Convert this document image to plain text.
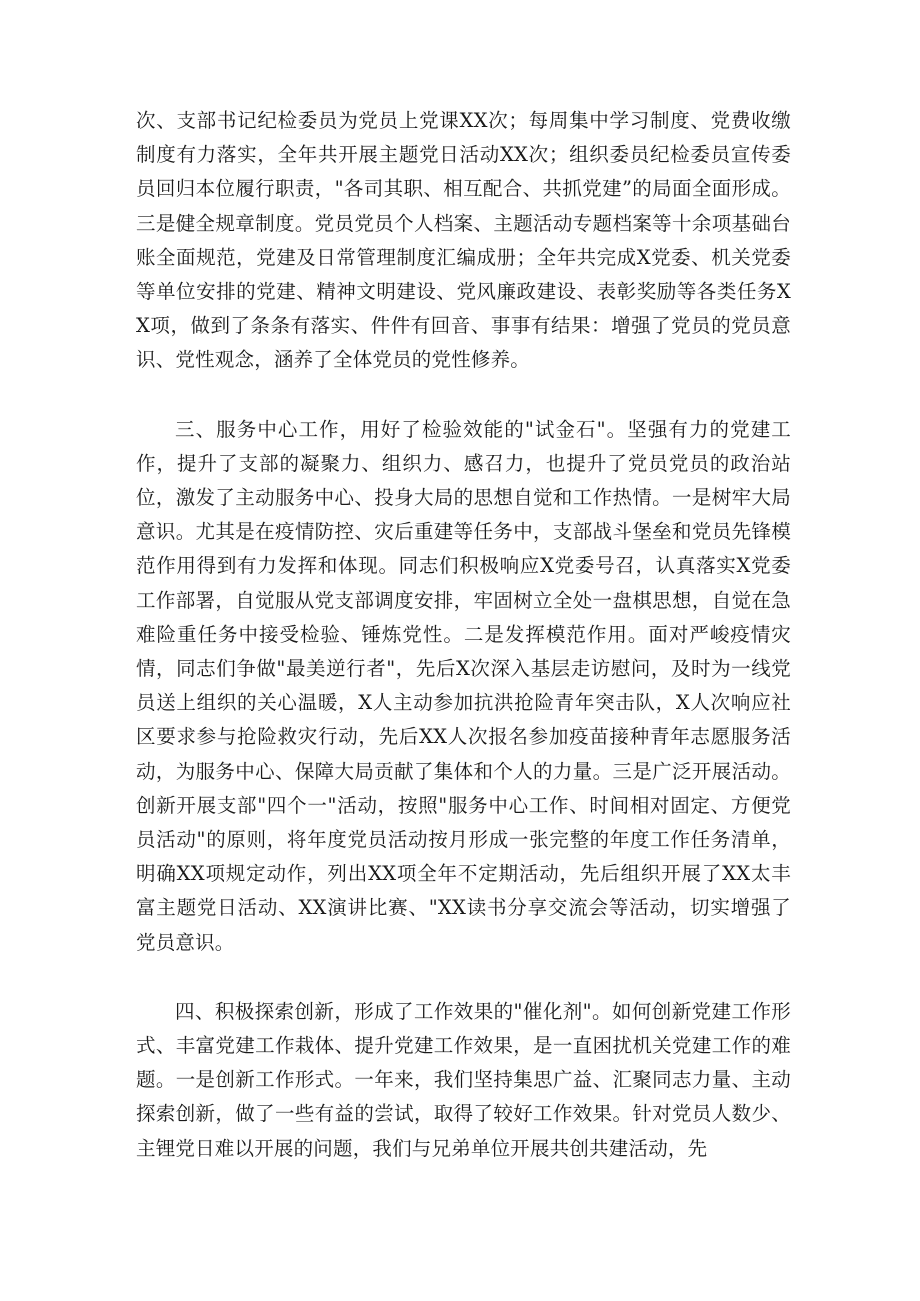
次、支部书记纪检委员为党员上党课XX次；每周集中学习制度、党费收缴制度有力落实，全年共开展主题党日活动XX次；组织委员纪检委员宣传委员回归本位履行职责，"各司其职、相互配合、共抓党建”的局面全面形成。三是健全规章制度。党员党员个人档案、主题活动专题档案等十余项基础台账全面规范，党建及日常管理制度汇编成册；全年共完成X党委、机关党委等单位安排的党建、精神文明建设、党风廉政建设、表彰奖励等各类任务XX项，做到了条条有落实、件件有回音、事事有结果：增强了党员的党员意识、党性观念，涵养了全体党员的党性修养。

三、服务中心工作，用好了检验效能的"试金石"。坚强有力的党建工作，提升了支部的凝聚力、组织力、感召力，也提升了党员党员的政治站位，激发了主动服务中心、投身大局的思想自觉和工作热情。一是树牢大局意识。尤其是在疫情防控、灾后重建等任务中，支部战斗堡垒和党员先锋模范作用得到有力发挥和体现。同志们积极响应X党委号召，认真落实X党委工作部署，自觉服从党支部调度安排，牢固树立全处一盘棋思想，自觉在急难险重任务中接受检验、锤炼党性。二是发挥模范作用。面对严峻疫情灾情，同志们争做"最美逆行者"，先后X次深入基层走访慰问，及时为一线党员送上组织的关心温暖，X人主动参加抗洪抢险青年突击队，X人次响应社区要求参与抢险救灾行动，先后XX人次报名参加疫苗接种青年志愿服务活动，为服务中心、保障大局贡献了集体和个人的力量。三是广泛开展活动。创新开展支部"四个一"活动，按照"服务中心工作、时间相对固定、方便党员活动"的原则，将年度党员活动按月形成一张完整的年度工作任务清单，明确XX项规定动作，列出XX项全年不定期活动，先后组织开展了XX太丰富主题党日活动、XX演讲比赛、"XX读书分享交流会等活动，切实增强了党员意识。

四、积极探索创新，形成了工作效果的"催化剂"。如何创新党建工作形式、丰富党建工作栽体、提升党建工作效果，是一直困扰机关党建工作的难题。一是创新工作形式。一年来，我们坚持集思广益、汇聚同志力量、主动探索创新，做了一些有益的尝试，取得了较好工作效果。针对党员人数少、主锂党日难以开展的问题，我们与兄弟单位开展共创共建活动，先
